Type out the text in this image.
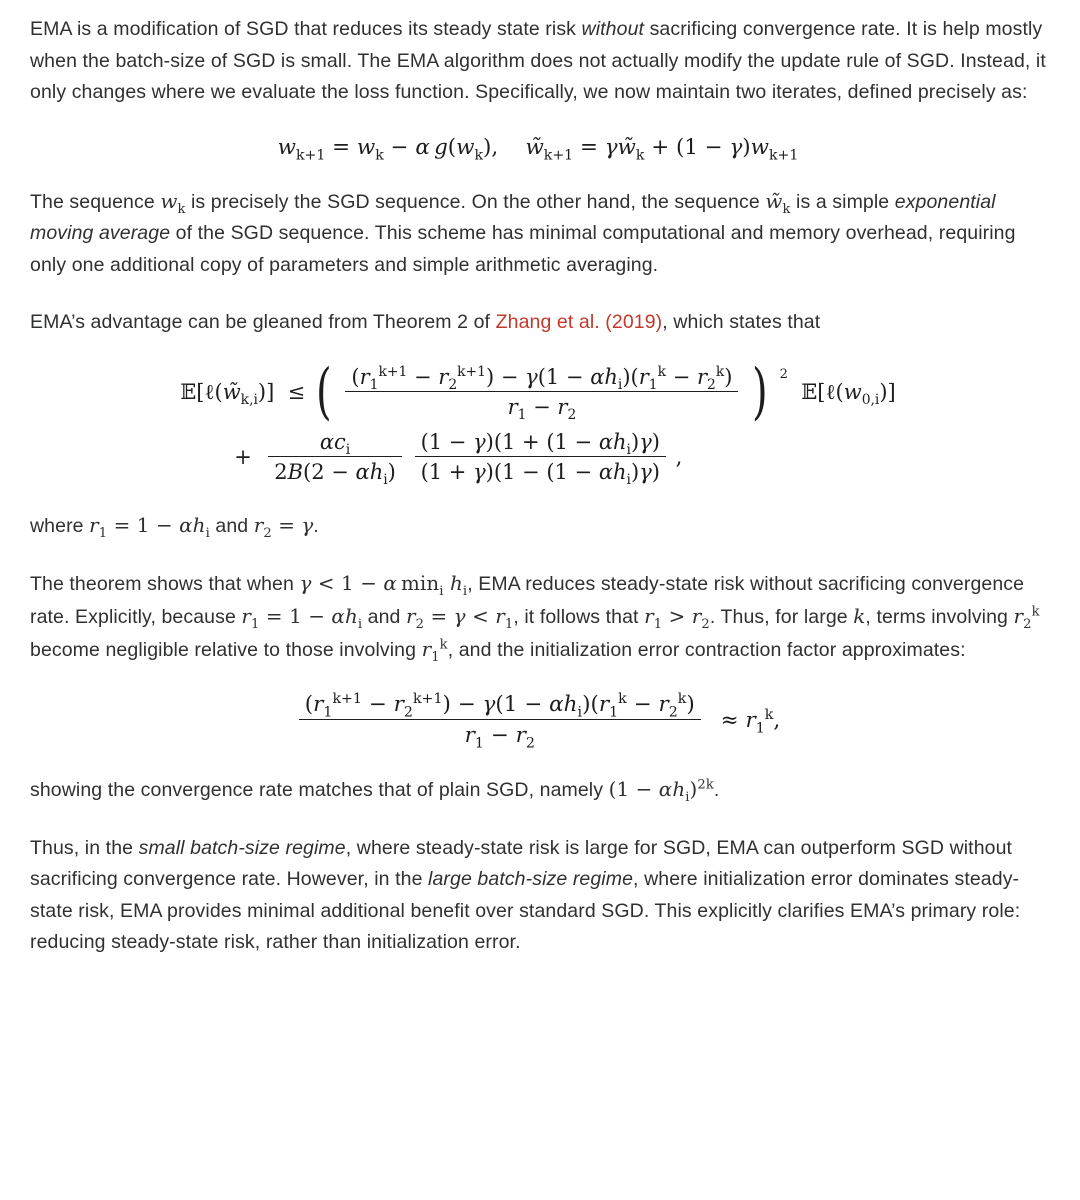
EMA is a modification of SGD that reduces its steady state risk without sacrificing convergence rate. It is help mostly when the batch-size of SGD is small. The EMA algorithm does not actually modify the update rule of SGD. Instead, it only changes where we evaluate the loss function. Specifically, we now maintain two iterates, defined precisely as:

$w_{k+1} = w_k - \alpha$  $g(w_k)$, $w̃_{k+1}$ = $\gamma w̃_k + (1 - \gamma)w_{k+1}$

The sequence $w_k$ is precisely the SGD sequence. On the other hand, the sequence $w̃_k$ is a simple exponential moving average of the SGD sequence. This scheme has minimal computational and memory overhead, requiring only one additional copy of parameters and simple arithmetic averaging.

EMA’s advantage can be gleaned from Theorem 2 of Zhang et al. (2019), which states that

$𝔼[\ell(w̃_{k,i})]$  ≤ ( $\frac{(r_1^{k+1} - r_2^{k+1}) - \gamma(1 - \alpha h_i)(r_1^k - r_2^k)}{r_1 - r_2}$ ) 2  $𝔼[\ell(w_{0,i})]$
+ $\frac{\alpha c_i}{2B(2 - \alpha h_i)}$
$\frac{(1 - \gamma)(1 + (1 - \alpha h_i)\gamma)}{(1 + \gamma)(1 - (1 - \alpha h_i)\gamma)}$ ,

where $r_1 = 1 - \alpha h_i$ and $r_2 = \gamma$.

The theorem shows that when γ < 1 − α $\min_i h_i$, EMA reduces steady-state risk without sacrificing convergence rate. Explicitly, because $r_1 = 1 - \alpha h_i$ and $r_2 = \gamma < r_1$, it follows that $r_1 > r_2$. Thus, for large k, terms involving $r_2^k$ become negligible relative to those involving $r_1^k$, and the initialization error contraction factor approximates:

$\frac{(r_1^{k+1} - r_2^{k+1}) - \gamma(1 - \alpha h_i)(r_1^k - r_2^k)}{r_1 - r_2} \approx r_1^k$,

showing the convergence rate matches that of plain SGD, namely $(1 - \alpha h_i)^{2k}$.

Thus, in the small batch-size regime, where steady-state risk is large for SGD, EMA can outperform SGD without sacrificing convergence rate. However, in the large batch-size regime, where initialization error dominates steady-state risk, EMA provides minimal additional benefit over standard SGD. This explicitly clarifies EMA’s primary role: reducing steady-state risk, rather than initialization error.
